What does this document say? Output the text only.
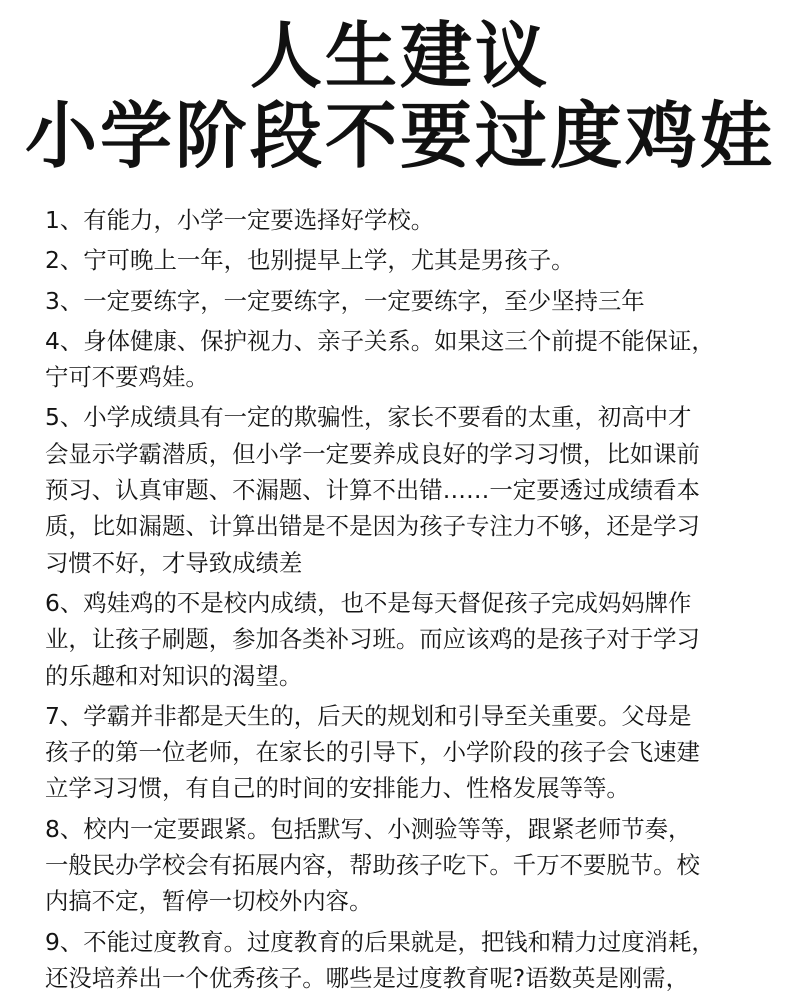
人生建议
小学阶段不要过度鸡娃

1、有能力，小学一定要选择好学校。

2、宁可晚上一年，也别提早上学，尤其是男孩子。

3、一定要练字，一定要练字，一定要练字，至少坚持三年

4、身体健康、保护视力、亲子关系。如果这三个前提不能保证，
宁可不要鸡娃。

5、小学成绩具有一定的欺骗性，家长不要看的太重，初高中才
会显示学霸潜质，但小学一定要养成良好的学习习惯，比如课前
预习、认真审题、不漏题、计算不出错……一定要透过成绩看本
质，比如漏题、计算出错是不是因为孩子专注力不够，还是学习
习惯不好，才导致成绩差

6、鸡娃鸡的不是校内成绩，也不是每天督促孩子完成妈妈牌作
业，让孩子刷题，参加各类补习班。而应该鸡的是孩子对于学习
的乐趣和对知识的渴望。

7、学霸并非都是天生的，后天的规划和引导至关重要。父母是
孩子的第一位老师，在家长的引导下，小学阶段的孩子会飞速建
立学习习惯，有自己的时间的安排能力、性格发展等等。

8、校内一定要跟紧。包括默写、小测验等等，跟紧老师节奏，
一般民办学校会有拓展内容，帮助孩子吃下。千万不要脱节。校
内搞不定，暂停一切校外内容。

9、不能过度教育。过度教育的后果就是，把钱和精力过度消耗，
还没培养出一个优秀孩子。哪些是过度教育呢?语数英是刚需，
